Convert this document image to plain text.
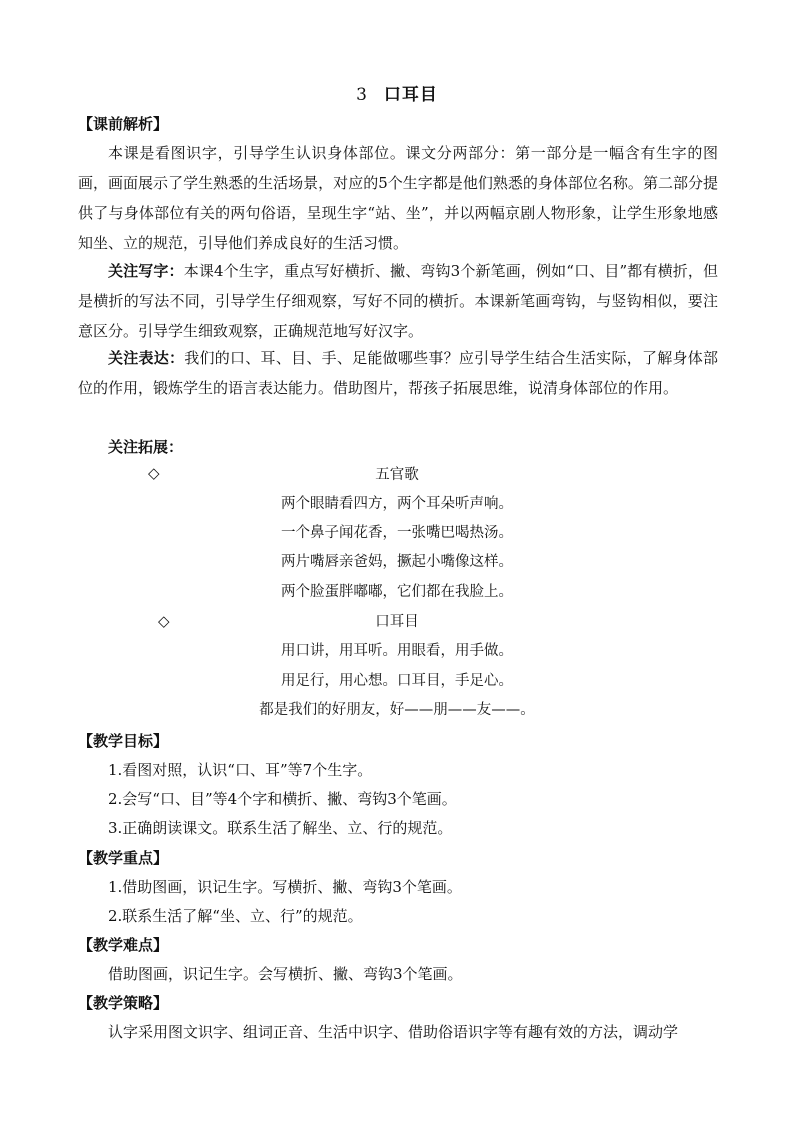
3 口耳目
【课前解析】

本课是看图识字，引导学生认识身体部位。课文分两部分：第一部分是一幅含有生字的图画，画面展示了学生熟悉的生活场景，对应的5个生字都是他们熟悉的身体部位名称。第二部分提供了与身体部位有关的两句俗语，呈现生字“站、坐”，并以两幅京剧人物形象，让学生形象地感知坐、立的规范，引导他们养成良好的生活习惯。

关注写字：本课4个生字，重点写好横折、撇、弯钩3个新笔画，例如“口、目”都有横折，但是横折的写法不同，引导学生仔细观察，写好不同的横折。本课新笔画弯钩，与竖钩相似，要注意区分。引导学生细致观察，正确规范地写好汉字。

关注表达：我们的口、耳、目、手、足能做哪些事？应引导学生结合生活实际，了解身体部位的作用，锻炼学生的语言表达能力。借助图片，帮孩子拓展思维，说清身体部位的作用。

关注拓展：

◇	五官歌
两个眼睛看四方，两个耳朵听声响。
一个鼻子闻花香，一张嘴巴喝热汤。
两片嘴唇亲爸妈，撅起小嘴像这样。
两个脸蛋胖嘟嘟，它们都在我脸上。
◇	口耳目
用口讲，用耳听。用眼看，用手做。
用足行，用心想。口耳目，手足心。
都是我们的好朋友，好——朋——友——。
【教学目标】
1.看图对照，认识“口、耳”等7个生字。
2.会写“口、目”等4个字和横折、撇、弯钩3个笔画。
3.正确朗读课文。联系生活了解坐、立、行的规范。
【教学重点】
1.借助图画，识记生字。写横折、撇、弯钩3个笔画。
2.联系生活了解“坐、立、行”的规范。
【教学难点】
借助图画，识记生字。会写横折、撇、弯钩3个笔画。
【教学策略】
认字采用图文识字、组词正音、生活中识字、借助俗语识字等有趣有效的方法，调动学
